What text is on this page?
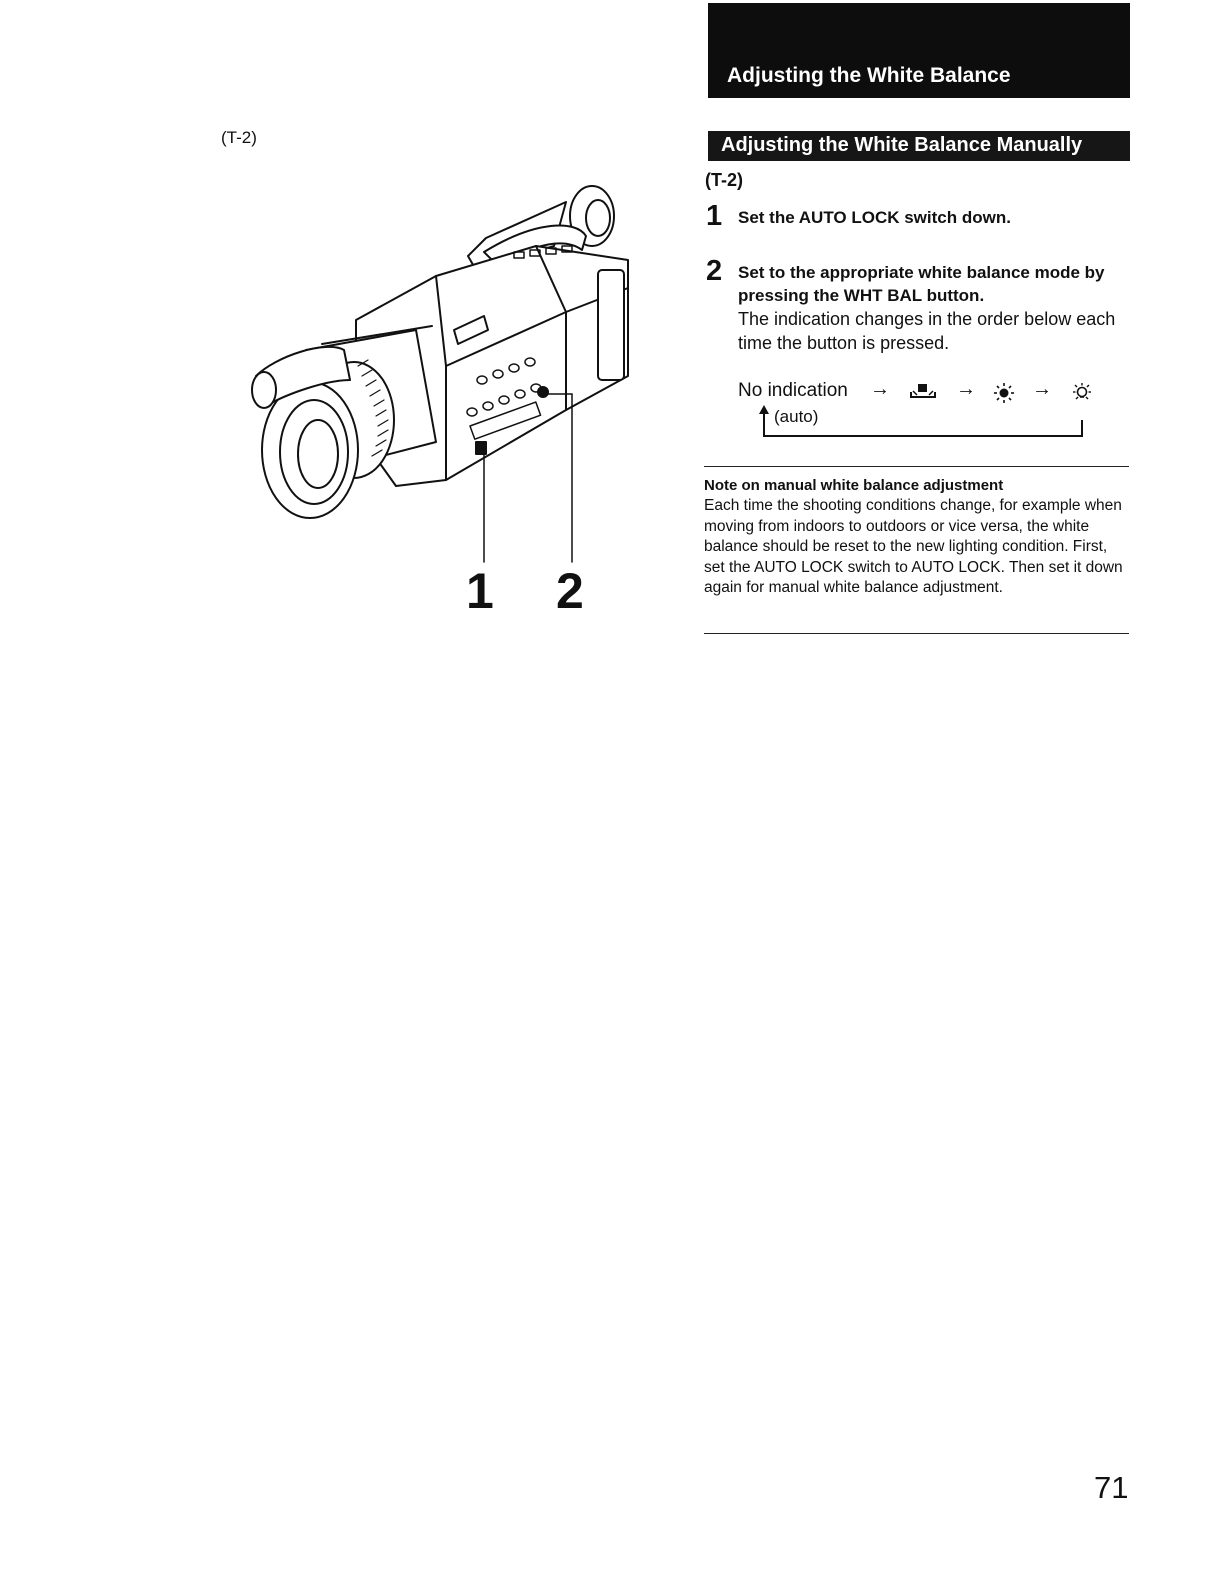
(T-2)
1 2
Adjusting the White Balance
Adjusting the White Balance Manually
(T-2)
1 Set the AUTO LOCK switch down.
2 Set to the appropriate white balance mode by pressing the WHT BAL button.
The indication changes in the order below each time the button is pressed.
No indication →	→	→
(auto)
Note on manual white balance adjustment
Each time the shooting conditions change, for example when moving from indoors to outdoors or vice versa, the white balance should be reset to the new lighting condition. First, set the AUTO LOCK switch to AUTO LOCK. Then set it down again for manual white balance adjustment.
71
